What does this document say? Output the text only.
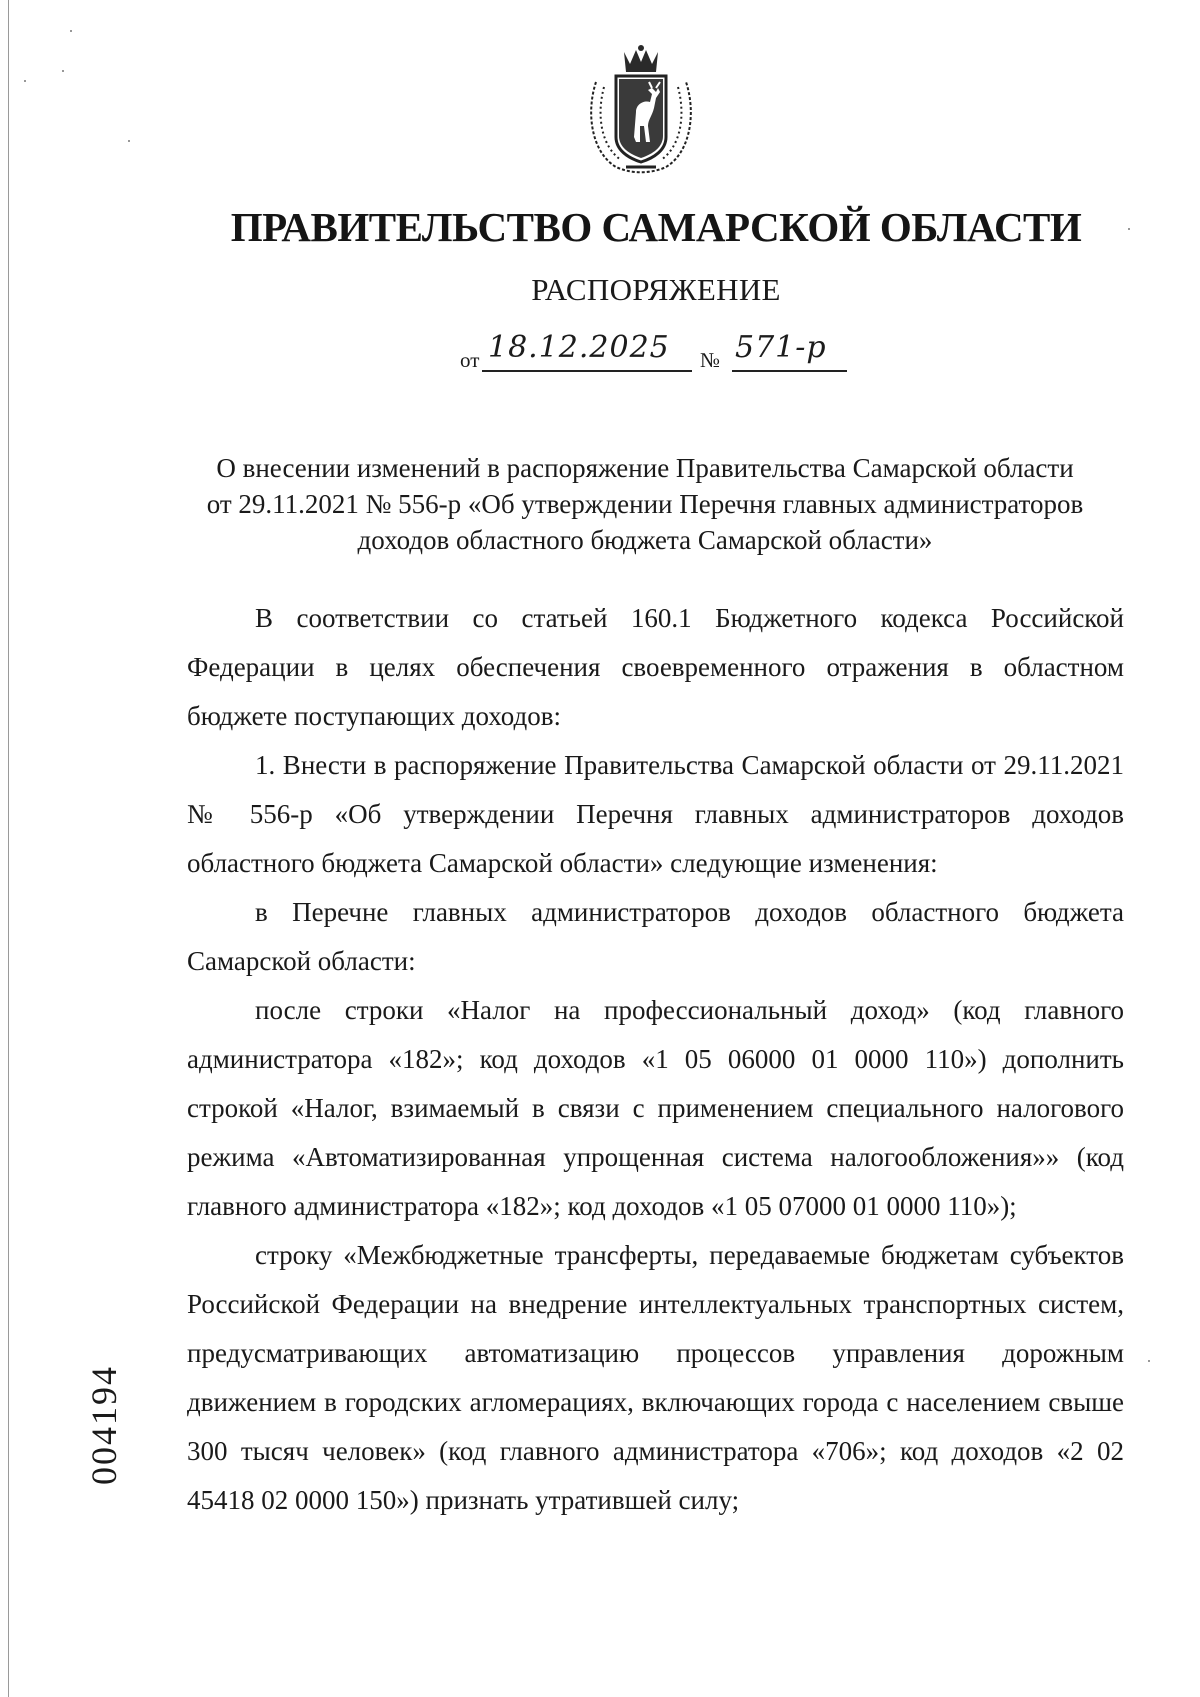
ПРАВИТЕЛЬСТВО САМАРСКОЙ ОБЛАСТИ
РАСПОРЯЖЕНИЕ
от 18.12.2025 № 571-р
О внесении изменений в распоряжение Правительства Самарской области
от 29.11.2021 № 556-р «Об утверждении Перечня главных администраторов
доходов областного бюджета Самарской области»

В соответствии со статьей 160.1 Бюджетного кодекса Российской Федерации в целях обеспечения своевременного отражения в областном бюджете поступающих доходов:

1. Внести в распоряжение Правительства Самарской области от 29.11.2021 № 556-р «Об утверждении Перечня главных администраторов доходов областного бюджета Самарской области» следующие изменения:

в Перечне главных администраторов доходов областного бюджета Самарской области:

после строки «Налог на профессиональный доход» (код главного администратора «182»; код доходов «1 05 06000 01 0000 110») дополнить строкой «Налог, взимаемый в связи с применением специального налогового режима «Автоматизированная упрощенная система налогообложения»» (код главного администратора «182»; код доходов «1 05 07000 01 0000 110»);

строку «Межбюджетные трансферты, передаваемые бюджетам субъектов Российской Федерации на внедрение интеллектуальных транспортных систем, предусматривающих автоматизацию процессов управления дорожным движением в городских агломерациях, включающих города с населением свыше 300 тысяч человек» (код главного администратора «706»; код доходов «2 02 45418 02 0000 150») признать утратившей силу;

004194
